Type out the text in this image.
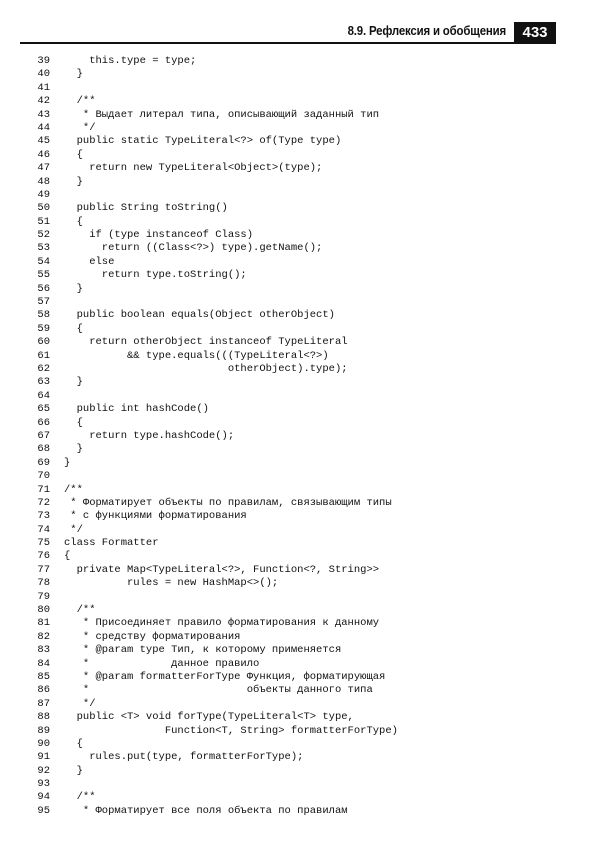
8.9. Рефлексия и обобщения	433
39 this.type = type;
40 }
41
42 /**
43 * Выдает литерал типа, описывающий заданный тип
44 */
45 public static TypeLiteral<?> of(Type type)
46 {
47 return new TypeLiteral<Object>(type);
48 }
49
50 public String toString()
51 {
52 if (type instanceof Class)
53 return ((Class<?>) type).getName();
54 else
55 return type.toString();
56 }
57
58 public boolean equals(Object otherObject)
59 {
60 return otherObject instanceof TypeLiteral
61 && type.equals(((TypeLiteral<?>)
62 otherObject).type);
63 }
64
65 public int hashCode()
66 {
67 return type.hashCode();
68 }
69 }
70
71 /**
72 * Форматирует объекты по правилам, связывающим типы
73 * с функциями форматирования
74 */
75 class Formatter
76 {
77 private Map<TypeLiteral<?>, Function<?, String>>
78 rules = new HashMap<>();
79
80 /**
81 * Присоединяет правило форматирования к данному
82 * средству форматирования
83 * @param type Тип, к которому применяется
84 *             данное правило
85 * @param formatterForType Функция, форматирующая
86 *                         объекты данного типа
87 */
88 public <T> void forType(TypeLiteral<T> type,
89 Function<T, String> formatterForType)
90 {
91 rules.put(type, formatterForType);
92 }
93
94 /**
95 * Форматирует все поля объекта по правилам
